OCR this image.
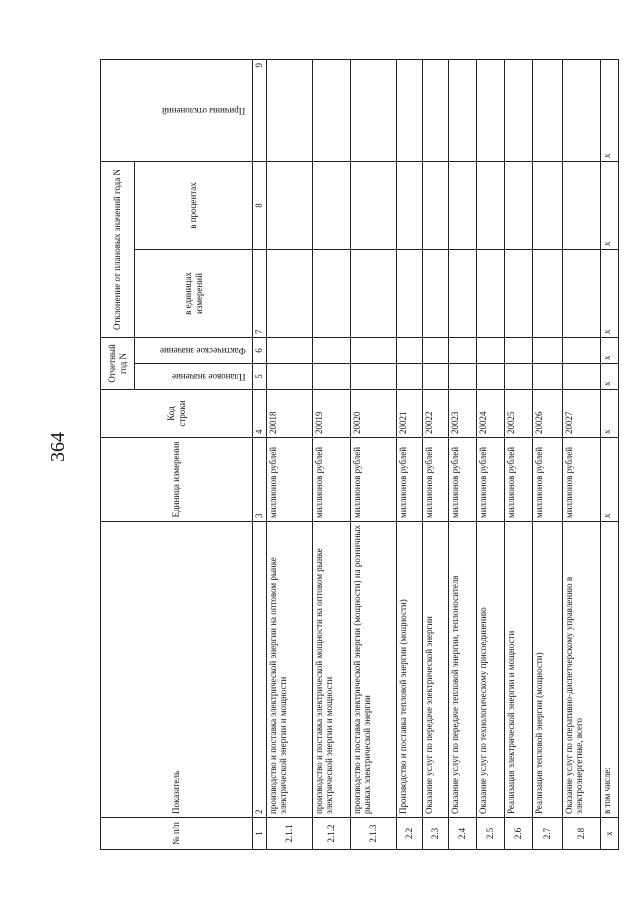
364
№ п/п	Показатель	Единица измерения	Код строки	Отчетный год N		Отклонение от плановых значений года N		Причины отклонений
				Плановое значение	Фактическое значение	в единицах измерений	в процентах	
1	2	3	4	5	6	7	8	9
2.1.1	производство и поставка электрической энергии на оптовом рынке электрической энергии и мощности	миллионов рублей	20018					
2.1.2	производство и поставка электрической мощности на оптовом рынке электрической энергии и мощности	миллионов рублей	20019					
2.1.3	производство и поставка электрической энергии (мощности) на розничных рынках электрической энергии	миллионов рублей	20020					
2.2	Производство и поставка тепловой энергии (мощности)	миллионов рублей	20021					
2.3	Оказание услуг по передаче электрической энергии	миллионов рублей	20022					
2.4	Оказание услуг по передаче тепловой энергии, теплоносителя	миллионов рублей	20023					
2.5	Оказание услуг по технологическому присоединению	миллионов рублей	20024					
2.6	Реализация электрической энергии и мощности	миллионов рублей	20025					
2.7	Реализация тепловой энергии (мощности)	миллионов рублей	20026					
2.8	Оказание услуг по оперативно-диспетчерскому управлению в электроэнергетике, всего	миллионов рублей	20027					
x	в том числе:	x	x	x	x	x	x	x
